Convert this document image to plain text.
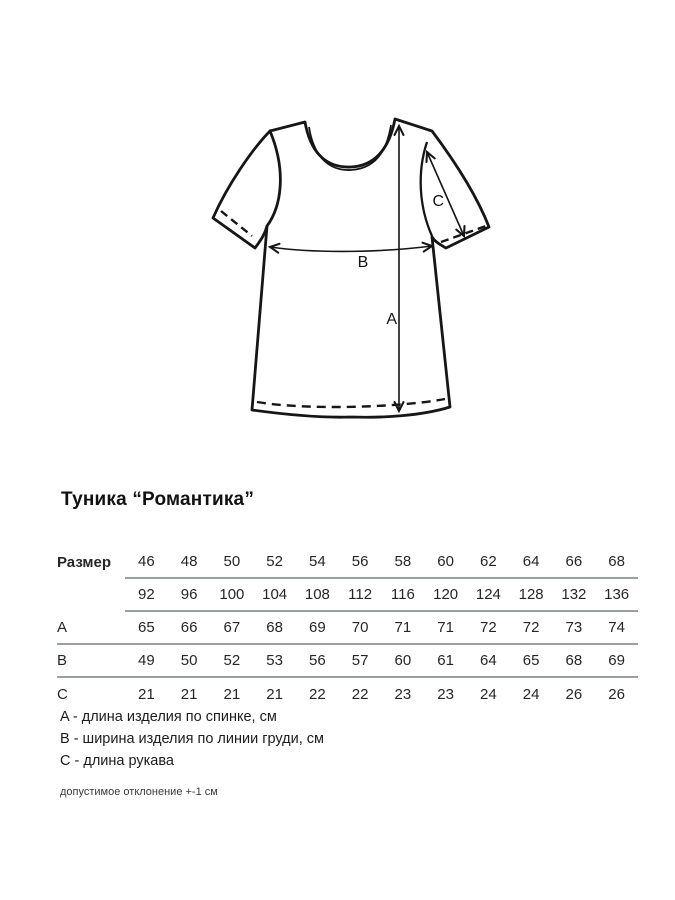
A
B
C
Туника “Романтика”
Размер	46	48	50	52	54	56	58	60	62	64	66	68
92	96	100	104	108	112	116	120	124	128	132	136
A	65	66	67	68	69	70	71	71	72	72	73	74
B	49	50	52	53	56	57	60	61	64	65	68	69
C	21	21	21	21	22	22	23	23	24	24	26	26
A - длина изделия по спинке, см
B - ширина изделия по линии груди, см
C - длина рукава
допустимое отклонение +-1 см
